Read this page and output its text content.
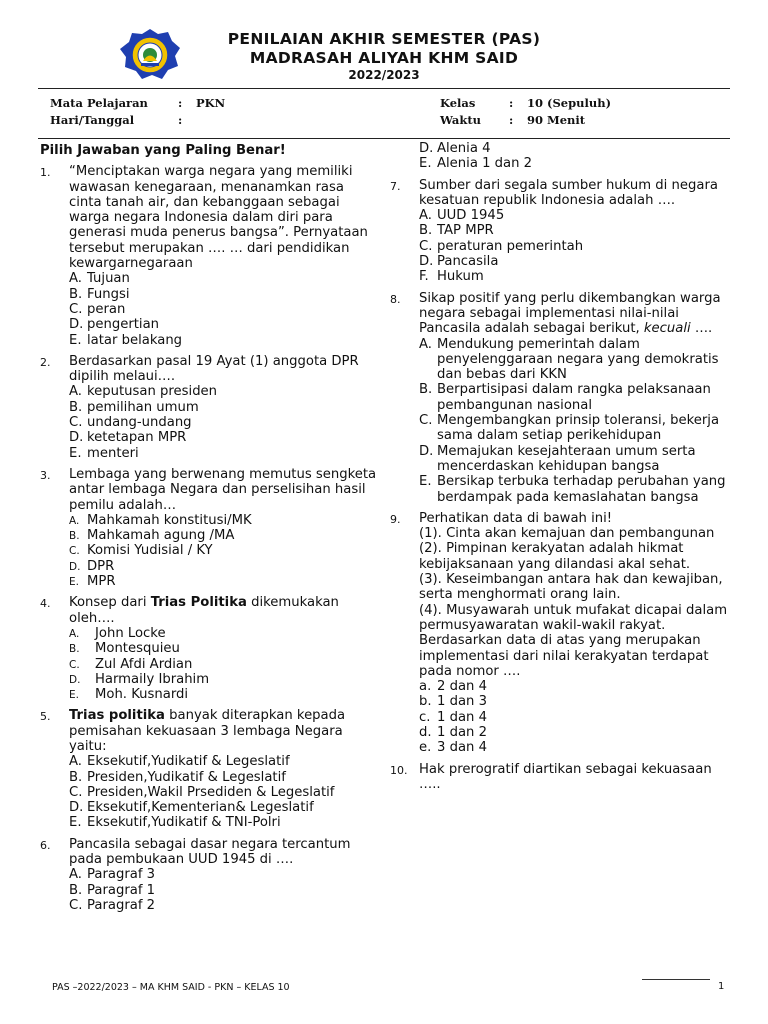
PENILAIAN AKHIR SEMESTER (PAS)
MADRASAH ALIYAH KHM SAID
2022/2023
Mata Pelajaran	: PKN
Hari/Tanggal	:
Kelas	: 10 (Sepuluh)
Waktu : 90 Menit
Pilih Jawaban yang Paling Benar!
1. “Menciptakan warga negara yang memiliki wawasan kenegaraan, menanamkan rasa cinta tanah air, dan kebanggaan sebagai warga negara Indonesia dalam diri para generasi muda penerus bangsa”. Pernyataan tersebut merupakan …. … dari pendidikan kewargarnegaraan
A. Tujuan
B. Fungsi
C. peran
D. pengertian
E. latar belakang
2. Berdasarkan pasal 19 Ayat (1) anggota DPR dipilih melaui….
A. keputusan presiden
B. pemilihan umum
C. undang-undang
D. ketetapan MPR
E. menteri
3. Lembaga yang berwenang memutus sengketa antar lembaga Negara dan perselisihan hasil pemilu adalah…
A. Mahkamah konstitusi/MK
B. Mahkamah agung /MA
C. Komisi Yudisial / KY
D. DPR
E. MPR
4. Konsep dari Trias Politika dikemukakan oleh….
A. John Locke
B. Montesquieu
C. Zul Afdi Ardian
D. Harmaily Ibrahim
E. Moh. Kusnardi
5. Trias politika banyak diterapkan kepada pemisahan kekuasaan 3 lembaga Negara yaitu:
A. Eksekutif,Yudikatif & Legeslatif
B. Presiden,Yudikatif & Legeslatif
C. Presiden,Wakil Prsediden & Legeslatif
D. Eksekutif,Kementerian& Legeslatif
E. Eksekutif,Yudikatif & TNI-Polri
6. Pancasila sebagai dasar negara tercantum pada pembukaan UUD 1945 di ….
A. Paragraf 3
B. Paragraf 1
C. Paragraf 2
D. Alenia 4
E. Alenia 1 dan 2
7. Sumber dari segala sumber hukum di negara kesatuan republik Indonesia adalah ….
A. UUD 1945
B. TAP MPR
C. peraturan pemerintah
D. Pancasila
F. Hukum
8. Sikap positif yang perlu dikembangkan warga negara sebagai implementasi nilai-nilai Pancasila adalah sebagai berikut, kecuali ….
A. Mendukung pemerintah dalam penyelenggaraan negara yang demokratis dan bebas dari KKN
B. Berpartisipasi dalam rangka pelaksanaan pembangunan nasional
C. Mengembangkan prinsip toleransi, bekerja sama dalam setiap perikehidupan
D. Memajukan kesejahteraan umum serta mencerdaskan kehidupan bangsa
E. Bersikap terbuka terhadap perubahan yang berdampak pada kemaslahatan bangsa
9. Perhatikan data di bawah ini!
(1). Cinta akan kemajuan dan pembangunan
(2). Pimpinan kerakyatan adalah hikmat kebijaksanaan yang dilandasi akal sehat.
(3). Keseimbangan antara hak dan kewajiban, serta menghormati orang lain.
(4). Musyawarah untuk mufakat dicapai dalam permusyawaratan wakil-wakil rakyat.
Berdasarkan data di atas yang merupakan implementasi dari nilai kerakyatan terdapat
pada nomor ….
a. 2 dan 4
b. 1 dan 3
c. 1 dan 4
d. 1 dan 2
e. 3 dan 4
10. Hak prerogratif diartikan sebagai kekuasaan …..
PAS –2022/2023 – MA KHM SAID - PKN – KELAS 10	1
